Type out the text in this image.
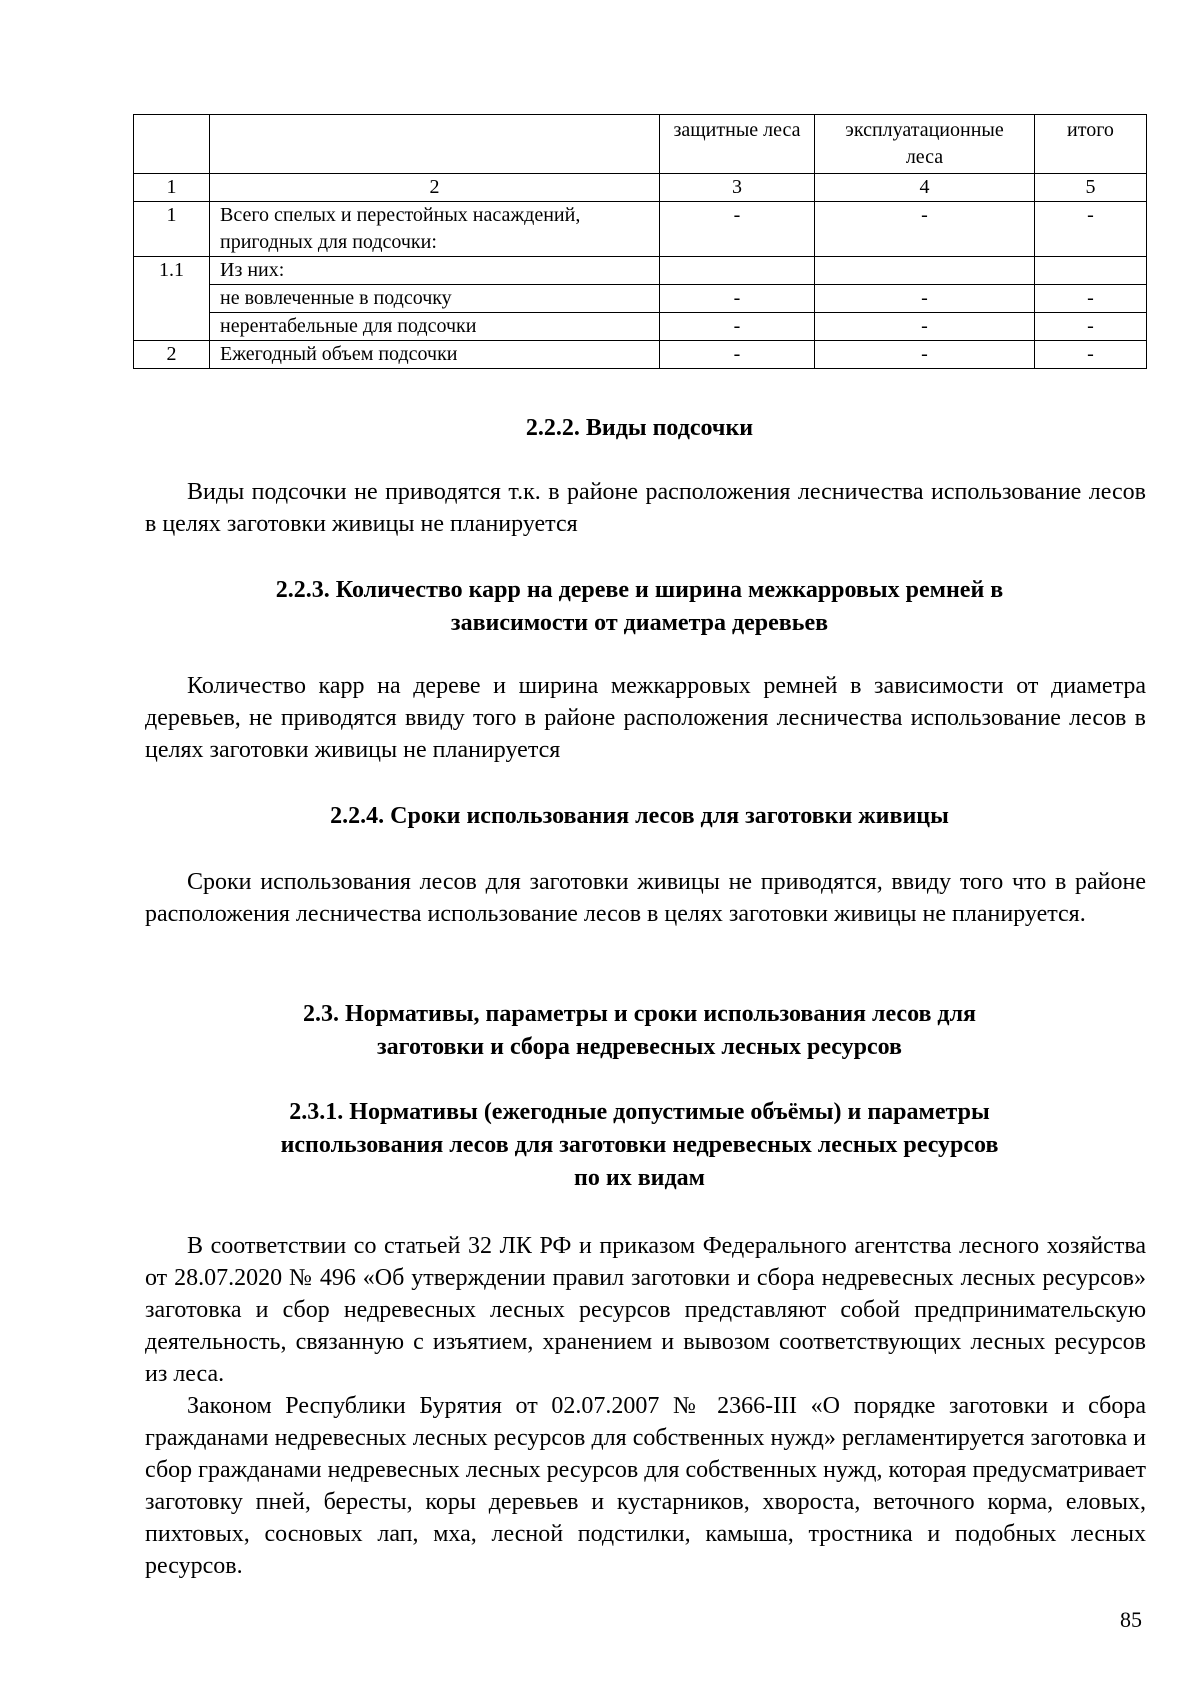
		защитные леса	эксплуатационные леса	итого
1	2	3	4	5
1	Всего спелых и перестойных насаждений, пригодных для подсочки:	-	-	-
1.1	Из них:			
	не вовлеченные в подсочку	-	-	-
	нерентабельные для подсочки	-	-	-
2	Ежегодный объем подсочки	-	-	-
2.2.2. Виды подсочки

Виды подсочки не приводятся т.к. в районе расположения лесничества использование лесов в целях заготовки живицы не планируется

2.2.3. Количество карр на дереве и ширина межкарровых ремней в
зависимости от диаметра деревьев

Количество карр на дереве и ширина межкарровых ремней в зависимости от диаметра деревьев, не приводятся ввиду того в районе расположения лесничества использование лесов в целях заготовки живицы не планируется

2.2.4. Сроки использования лесов для заготовки живицы

Сроки использования лесов для заготовки живицы не приводятся, ввиду того что в районе расположения лесничества использование лесов в целях заготовки живицы не планируется.

2.3. Нормативы, параметры и сроки использования лесов для
заготовки и сбора недревесных лесных ресурсов
2.3.1. Нормативы (ежегодные допустимые объёмы) и параметры
использования лесов для заготовки недревесных лесных ресурсов
по их видам

В соответствии со статьей 32 ЛК РФ и приказом Федерального агентства лесного хозяйства от 28.07.2020 № 496 «Об утверждении правил заготовки и сбора недревесных лесных ресурсов» заготовка и сбор недревесных лесных ресурсов представляют собой предпринимательскую деятельность, связанную с изъятием, хранением и вывозом соответствующих лесных ресурсов из леса.

Законом Республики Бурятия от 02.07.2007 № 2366-III «О порядке заготовки и сбора гражданами недревесных лесных ресурсов для собственных нужд» регламентируется заготовка и сбор гражданами недревесных лесных ресурсов для собственных нужд, которая предусматривает заготовку пней, бересты, коры деревьев и кустарников, хвороста, веточного корма, еловых, пихтовых, сосновых лап, мха, лесной подстилки, камыша, тростника и подобных лесных ресурсов.

85
